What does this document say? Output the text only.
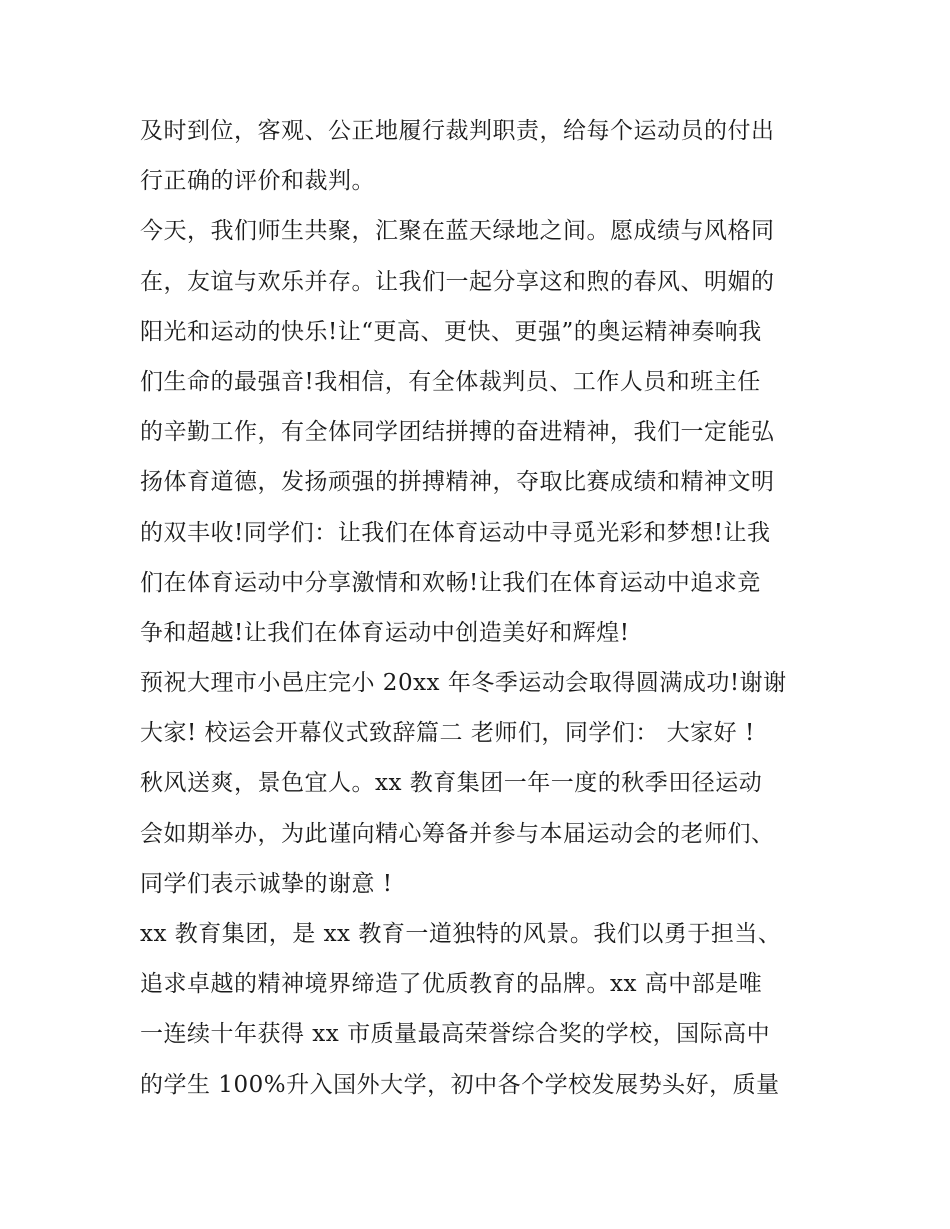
及时到位，客观、公正地履行裁判职责，给每个运动员的付出
行正确的评价和裁判。
今天，我们师生共聚，汇聚在蓝天绿地之间。愿成绩与风格同
在，友谊与欢乐并存。让我们一起分享这和煦的春风、明媚的
阳光和运动的快乐!让“更高、更快、更强”的奥运精神奏响我
们生命的最强音!我相信，有全体裁判员、工作人员和班主任
的辛勤工作，有全体同学团结拼搏的奋进精神，我们一定能弘
扬体育道德，发扬顽强的拼搏精神，夺取比赛成绩和精神文明
的双丰收!同学们：让我们在体育运动中寻觅光彩和梦想!让我
们在体育运动中分享激情和欢畅!让我们在体育运动中追求竞
争和超越!让我们在体育运动中创造美好和辉煌!
预祝大理市小邑庄完小 20xx 年冬季运动会取得圆满成功!谢谢
大家! 校运会开幕仪式致辞篇二 老师们，同学们： 大家好 !
秋风送爽，景色宜人。xx 教育集团一年一度的秋季田径运动
会如期举办，为此谨向精心筹备并参与本届运动会的老师们、
同学们表示诚挚的谢意 !
xx 教育集团，是 xx 教育一道独特的风景。我们以勇于担当、
追求卓越的精神境界缔造了优质教育的品牌。xx 高中部是唯
一连续十年获得 xx 市质量最高荣誉综合奖的学校，国际高中
的学生 100%升入国外大学，初中各个学校发展势头好，质量
